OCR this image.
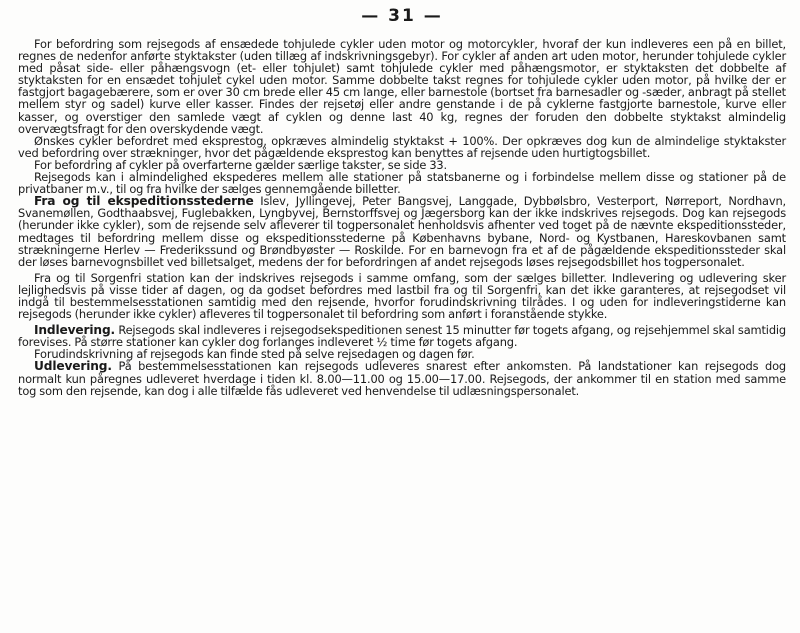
— 31 —

For befordring som rejsegods af ensædede tohjulede cykler uden motor og motorcykler, hvoraf der kun indleveres een på en billet, regnes de nedenfor anførte styktakster (uden tillæg af indskrivningsgebyr). For cykler af anden art uden motor, herunder tohjulede cykler med påsat side- eller påhængsvogn (et- eller tohjulet) samt tohjulede cykler med påhængsmotor, er styktaksten det dobbelte af styktaksten for en ensædet tohjulet cykel uden motor. Samme dobbelte takst regnes for tohjulede cykler uden motor, på hvilke der er fastgjort bagagebærere, som er over 30 cm brede eller 45 cm lange, eller barnestole (bortset fra barnesadler og -sæder, anbragt på stellet mellem styr og sadel) kurve eller kasser. Findes der rejsetøj eller andre genstande i de på cyklerne fastgjorte barnestole, kurve eller kasser, og overstiger den samlede vægt af cyklen og denne last 40 kg, regnes der foruden den dobbelte styktakst almindelig overvægtsfragt for den overskydende vægt.

Ønskes cykler befordret med eksprestog, opkræves almindelig styktakst + 100%. Der opkræves dog kun de almindelige styktakster ved befordring over strækninger, hvor det pågældende eksprestog kan benyttes af rejsende uden hurtigtogsbillet.

For befordring af cykler på overfarterne gælder særlige takster, se side 33.

Rejsegods kan i almindelighed ekspederes mellem alle stationer på statsbanerne og i forbindelse mellem disse og stationer på de privatbaner m.v., til og fra hvilke der sælges gennemgående billetter.

Fra og til ekspeditionsstederne Islev, Jyllingevej, Peter Bangsvej, Langgade, Dybbølsbro, Vesterport, Nørreport, Nordhavn, Svanemøllen, Godthaabsvej, Fuglebakken, Lyngbyvej, Bernstorffsvej og Jægersborg kan der ikke indskrives rejsegods. Dog kan rejsegods (herunder ikke cykler), som de rejsende selv afleverer til togpersonalet henholdsvis afhenter ved toget på de nævnte ekspeditionssteder, medtages til befordring mellem disse og ekspeditionsstederne på Københavns bybane, Nord- og Kystbanen, Hareskovbanen samt strækningerne Herlev — Frederikssund og Brøndbyøster — Roskilde. For en barnevogn fra et af de pågældende ekspeditionssteder skal der løses barnevognsbillet ved billetsalget, medens der for befordringen af andet rejsegods løses rejsegodsbillet hos togpersonalet.

Fra og til Sorgenfri station kan der indskrives rejsegods i samme omfang, som der sælges billetter. Indlevering og udlevering sker lejlighedsvis på visse tider af dagen, og da godset befordres med lastbil fra og til Sorgenfri, kan det ikke garanteres, at rejsegodset vil indgå til bestemmelsesstationen samtidig med den rejsende, hvorfor forudindskrivning tilrådes. I og uden for indleveringstiderne kan rejsegods (herunder ikke cykler) afleveres til togpersonalet til befordring som anført i foranstående stykke.

Indlevering. Rejsegods skal indleveres i rejsegodsekspeditionen senest 15 minutter før togets afgang, og rejsehjemmel skal samtidig forevises. På større stationer kan cykler dog forlanges indleveret ½ time før togets afgang.

Forudindskrivning af rejsegods kan finde sted på selve rejsedagen og dagen før.

Udlevering. På bestemmelsesstationen kan rejsegods udleveres snarest efter ankomsten. På landstationer kan rejsegods dog normalt kun påregnes udleveret hverdage i tiden kl. 8.00—11.00 og 15.00—17.00. Rejsegods, der ankommer til en station med samme tog som den rejsende, kan dog i alle tilfælde fås udleveret ved henvendelse til udlæsningspersonalet.
